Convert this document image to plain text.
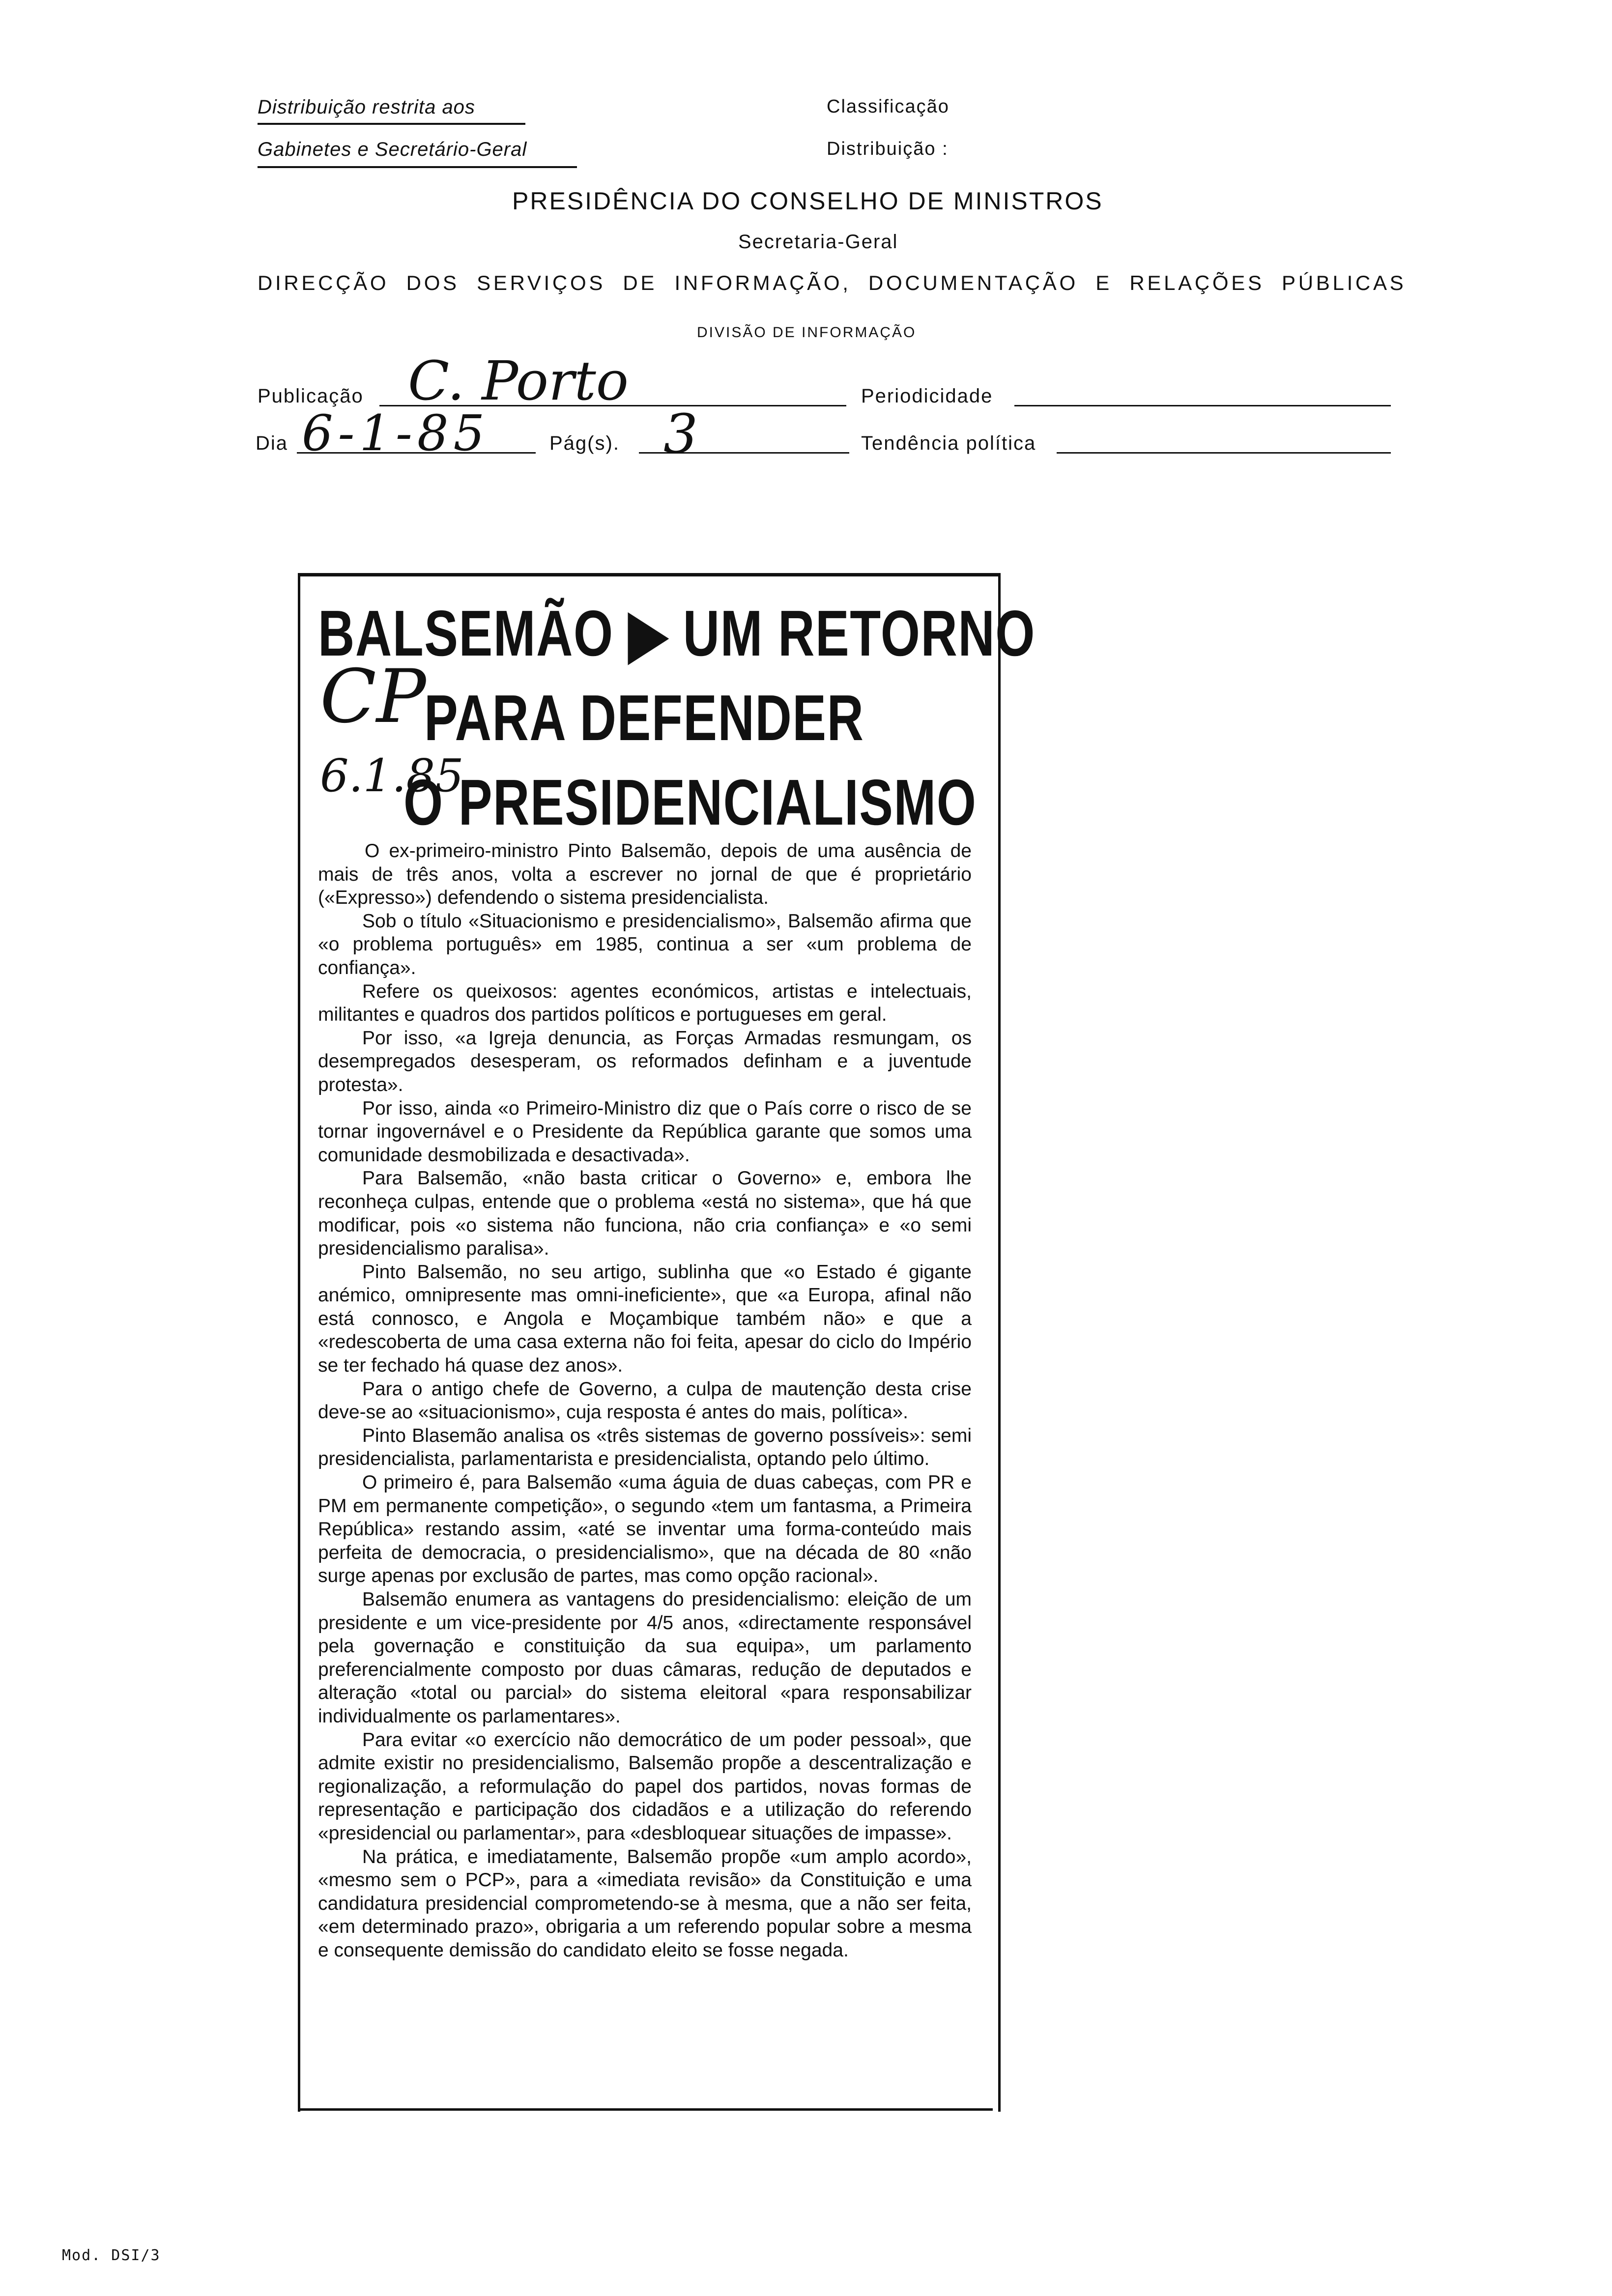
Distribuição restrita aos
Gabinetes e Secretário-Geral
Classificação
Distribuição :
PRESIDÊNCIA DO CONSELHO DE MINISTROS
Secretaria-Geral
DIRECÇÃO DOS SERVIÇOS DE INFORMAÇÃO, DOCUMENTAÇÃO E RELAÇÕES PÚBLICAS
DIVISÃO DE INFORMAÇÃO
Publicação C. Porto	Periodicidade
Dia 6-1-85	Pág(s). 3	Tendência política
BALSEMÃO ▶ UM RETORNO
PARA DEFENDER
O PRESIDENCIALISMO
CP
6.1.85

O ex-primeiro-ministro Pinto Balsemão, depois de uma ausência de mais de três anos, volta a escrever no jornal de que é proprietário («Expresso») defendendo o sistema presidencialista.

Sob o título «Situacionismo e presidencialismo», Balsemão afirma que «o problema português» em 1985, continua a ser «um problema de confiança».

Refere os queixosos: agentes económicos, artistas e intelectuais, militantes e quadros dos partidos políticos e portugueses em geral.

Por isso, «a Igreja denuncia, as Forças Armadas resmungam, os desempregados desesperam, os reformados definham e a juventude protesta».

Por isso, ainda «o Primeiro-Ministro diz que o País corre o risco de se tornar ingovernável e o Presidente da República garante que somos uma comunidade desmobilizada e desactivada».

Para Balsemão, «não basta criticar o Governo» e, embora lhe reconheça culpas, entende que o problema «está no sistema», que há que modificar, pois «o sistema não funciona, não cria confiança» e «o semi presidencialismo paralisa».

Pinto Balsemão, no seu artigo, sublinha que «o Estado é gigante anémico, omnipresente mas omni-ineficiente», que «a Europa, afinal não está connosco, e Angola e Moçambique também não» e que a «redescoberta de uma casa externa não foi feita, apesar do ciclo do Império se ter fechado há quase dez anos».

Para o antigo chefe de Governo, a culpa de mautenção desta crise deve-se ao «situacionismo», cuja resposta é antes do mais, política».

Pinto Blasemão analisa os «três sistemas de governo possíveis»: semi presidencialista, parlamentarista e presidencialista, optando pelo último.

O primeiro é, para Balsemão «uma águia de duas cabeças, com PR e PM em permanente competição», o segundo «tem um fantasma, a Primeira República» restando assim, «até se inventar uma forma-conteúdo mais perfeita de democracia, o presidencialismo», que na década de 80 «não surge apenas por exclusão de partes, mas como opção racional».

Balsemão enumera as vantagens do presidencialismo: eleição de um presidente e um vice-presidente por 4/5 anos, «directamente responsável pela governação e constituição da sua equipa», um parlamento preferencialmente composto por duas câmaras, redução de deputados e alteração «total ou parcial» do sistema eleitoral «para responsabilizar individualmente os parlamentares».

Para evitar «o exercício não democrático de um poder pessoal», que admite existir no presidencialismo, Balsemão propõe a descentralização e regionalização, a reformulação do papel dos partidos, novas formas de representação e participação dos cidadãos e a utilização do referendo «presidencial ou parlamentar», para «desbloquear situações de impasse».

Na prática, e imediatamente, Balsemão propõe «um amplo acordo», «mesmo sem o PCP», para a «imediata revisão» da Constituição e uma candidatura presidencial comprometendo-se à mesma, que a não ser feita, «em determinado prazo», obrigaria a um referendo popular sobre a mesma e consequente demissão do candidato eleito se fosse negada.

Mod. DSI/3
